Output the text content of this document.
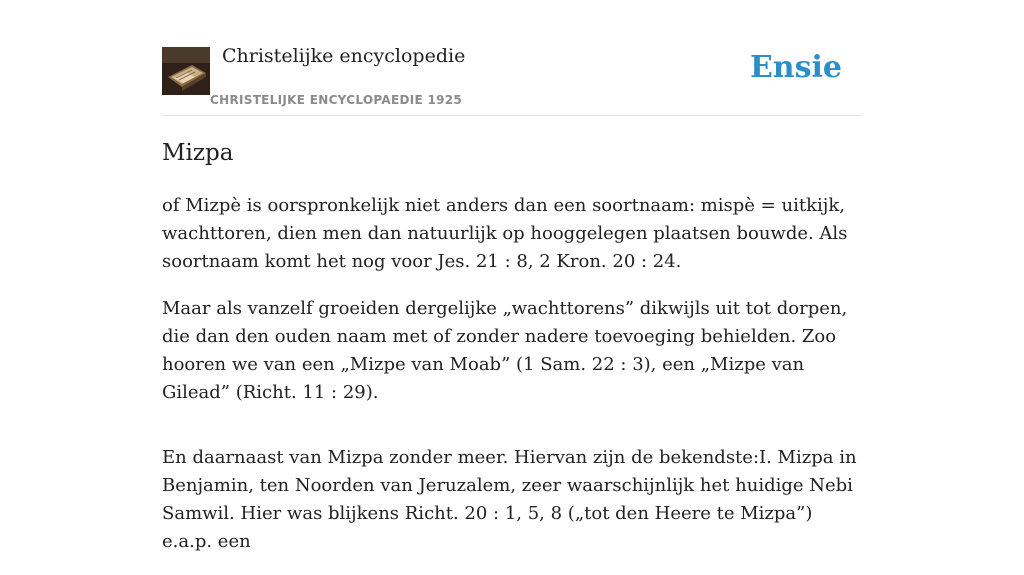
Christelijke encyclopedie
CHRISTELIJKE ENCYCLOPAEDIE 1925
Ensie
Mizpa

of Mizpè is oorspronkelijk niet anders dan een soortnaam: mispè = uitkijk, wachttoren, dien men dan natuurlijk op hooggelegen plaatsen bouwde. Als soortnaam komt het nog voor Jes. 21 : 8, 2 Kron. 20 : 24.

Maar als vanzelf groeiden dergelijke „wachttorens” dikwijls uit tot dorpen, die dan den ouden naam met of zonder nadere toevoeging behielden. Zoo hooren we van een „Mizpe van Moab” (1 Sam. 22 : 3), een „Mizpe van Gilead” (Richt. 11 : 29).

En daarnaast van Mizpa zonder meer. Hiervan zijn de bekendste:I. Mizpa in Benjamin, ten Noorden van Jeruzalem, zeer waarschijnlijk het huidige Nebi Samwil. Hier was blijkens Richt. 20 : 1, 5, 8 („tot den Heere te Mizpa”) e.a.p. een
